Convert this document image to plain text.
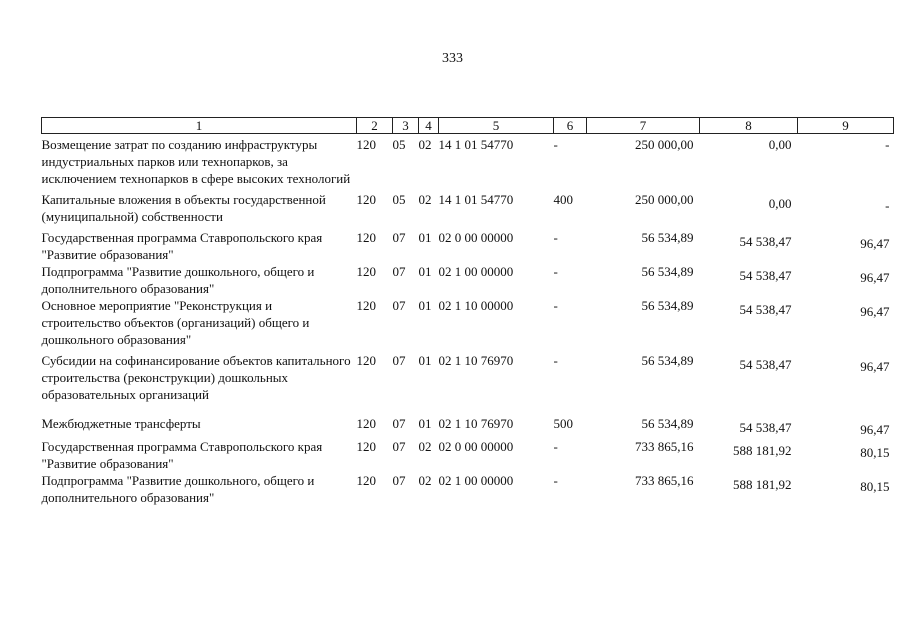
333
1	2	3	4	5	6	7	8	9
Возмещение затрат по созданию инфраструктуры индустриальных парков или технопарков, за исключением технопарков в сфере высоких технологий	120	05	02	14 1 01 54770	-	250 000,00	0,00	-
Капитальные вложения в объекты государственной (муниципальной) собственности	120	05	02	14 1 01 54770	400	250 000,00	0,00	-
Государственная программа Ставропольского края "Развитие образования"	120	07	01	02 0 00 00000	-	56 534,89	54 538,47	96,47
Подпрограмма "Развитие дошкольного, общего и дополнительного образования"	120	07	01	02 1 00 00000	-	56 534,89	54 538,47	96,47
Основное мероприятие "Реконструкция и строительство объектов (организаций) общего и дошкольного образования"	120	07	01	02 1 10 00000	-	56 534,89	54 538,47	96,47
Субсидии на софинансирование объектов капитального строительства (реконструкции) дошкольных образовательных организаций	120	07	01	02 1 10 76970	-	56 534,89	54 538,47	96,47
Межбюджетные трансферты	120	07	01	02 1 10 76970	500	56 534,89	54 538,47	96,47
Государственная программа Ставропольского края "Развитие образования"	120	07	02	02 0 00 00000	-	733 865,16	588 181,92	80,15
Подпрограмма "Развитие дошкольного, общего и дополнительного образования"	120	07	02	02 1 00 00000	-	733 865,16	588 181,92	80,15
